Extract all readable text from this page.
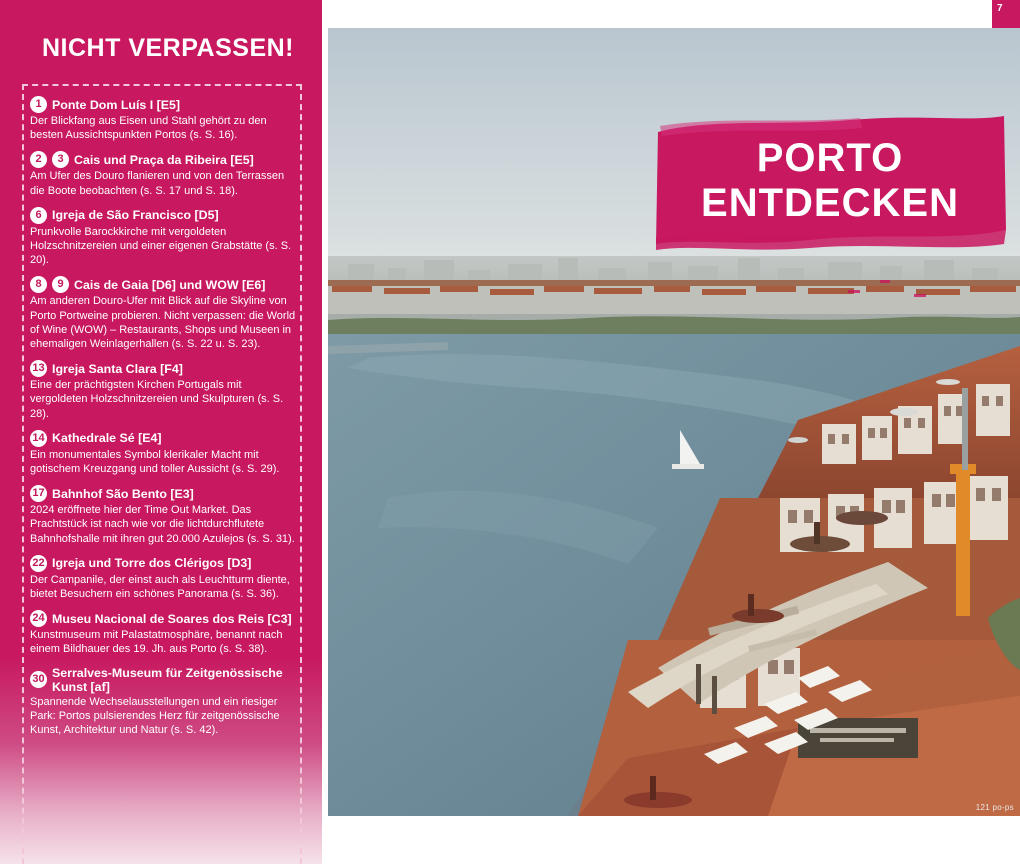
NICHT VERPASSEN!
1 Ponte Dom Luís I [E5]
Der Blickfang aus Eisen und Stahl gehört zu den besten Aussichtspunkten Portos (s. S. 16).
2	3 Cais und Praça da Ribeira [E5]
Am Ufer des Douro flanieren und von den Terrassen die Boote beobachten (s. S. 17 und S. 18).
6 Igreja de São Francisco [D5]
Prunkvolle Barockkirche mit vergoldeten Holzschnitzereien und einer eigenen Grabstätte (s. S. 20).
8	9 Cais de Gaia [D6] und WOW [E6]
Am anderen Douro-Ufer mit Blick auf die Skyline von Porto Portweine probieren. Nicht verpassen: die World of Wine (WOW) – Restaurants, Shops und Museen in ehemaligen Weinlagerhallen (s. S. 22 u. S. 23).
13 Igreja Santa Clara [F4]
Eine der prächtigsten Kirchen Portugals mit vergoldeten Holzschnitzereien und Skulpturen (s. S. 28).
14 Kathedrale Sé [E4]
Ein monumentales Symbol klerikaler Macht mit gotischem Kreuzgang und toller Aussicht (s. S. 29).
17 Bahnhof São Bento [E3]
2024 eröffnete hier der Time Out Market. Das Prachtstück ist nach wie vor die lichtdurchflutete Bahnhofshalle mit ihren gut 20.000 Azulejos (s. S. 31).
22 Igreja und Torre dos Clérigos [D3]
Der Campanile, der einst auch als Leuchtturm diente, bietet Besuchern ein schönes Panorama (s. S. 36).
24 Museu Nacional de Soares dos Reis [C3]
Kunstmuseum mit Palastatmosphäre, benannt nach einem Bildhauer des 19. Jh. aus Porto (s. S. 38).
30 Serralves-Museum für Zeitgenössische Kunst [af]
Spannende Wechselausstellungen und ein riesiger Park: Portos pulsierendes Herz für zeitgenössische Kunst, Architektur und Natur (s. S. 42).
121 po-ps
7
PORTO
ENTDECKEN
